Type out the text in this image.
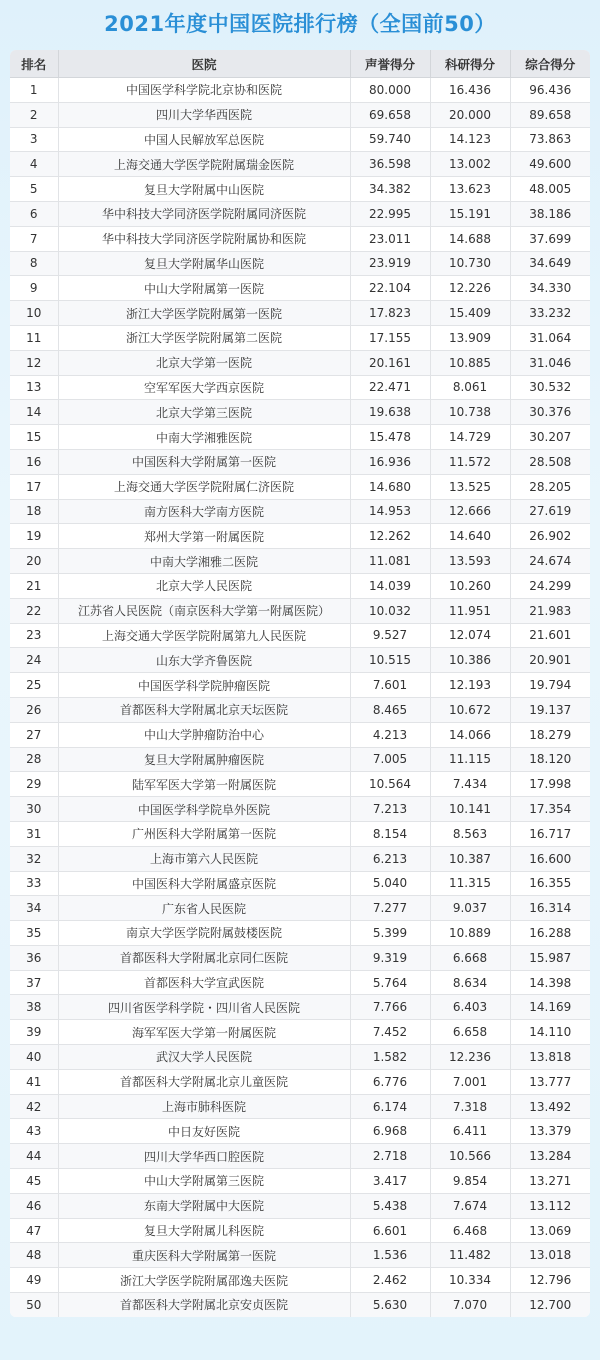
2021年度中国医院排行榜（全国前50）
排名	医院	声誉得分	科研得分	综合得分
1	中国医学科学院北京协和医院	80.000	16.436	96.436
2	四川大学华西医院	69.658	20.000	89.658
3	中国人民解放军总医院	59.740	14.123	73.863
4	上海交通大学医学院附属瑞金医院	36.598	13.002	49.600
5	复旦大学附属中山医院	34.382	13.623	48.005
6	华中科技大学同济医学院附属同济医院	22.995	15.191	38.186
7	华中科技大学同济医学院附属协和医院	23.011	14.688	37.699
8	复旦大学附属华山医院	23.919	10.730	34.649
9	中山大学附属第一医院	22.104	12.226	34.330
10	浙江大学医学院附属第一医院	17.823	15.409	33.232
11	浙江大学医学院附属第二医院	17.155	13.909	31.064
12	北京大学第一医院	20.161	10.885	31.046
13	空军军医大学西京医院	22.471	8.061	30.532
14	北京大学第三医院	19.638	10.738	30.376
15	中南大学湘雅医院	15.478	14.729	30.207
16	中国医科大学附属第一医院	16.936	11.572	28.508
17	上海交通大学医学院附属仁济医院	14.680	13.525	28.205
18	南方医科大学南方医院	14.953	12.666	27.619
19	郑州大学第一附属医院	12.262	14.640	26.902
20	中南大学湘雅二医院	11.081	13.593	24.674
21	北京大学人民医院	14.039	10.260	24.299
22	江苏省人民医院（南京医科大学第一附属医院）	10.032	11.951	21.983
23	上海交通大学医学院附属第九人民医院	9.527	12.074	21.601
24	山东大学齐鲁医院	10.515	10.386	20.901
25	中国医学科学院肿瘤医院	7.601	12.193	19.794
26	首都医科大学附属北京天坛医院	8.465	10.672	19.137
27	中山大学肿瘤防治中心	4.213	14.066	18.279
28	复旦大学附属肿瘤医院	7.005	11.115	18.120
29	陆军军医大学第一附属医院	10.564	7.434	17.998
30	中国医学科学院阜外医院	7.213	10.141	17.354
31	广州医科大学附属第一医院	8.154	8.563	16.717
32	上海市第六人民医院	6.213	10.387	16.600
33	中国医科大学附属盛京医院	5.040	11.315	16.355
34	广东省人民医院	7.277	9.037	16.314
35	南京大学医学院附属鼓楼医院	5.399	10.889	16.288
36	首都医科大学附属北京同仁医院	9.319	6.668	15.987
37	首都医科大学宣武医院	5.764	8.634	14.398
38	四川省医学科学院・四川省人民医院	7.766	6.403	14.169
39	海军军医大学第一附属医院	7.452	6.658	14.110
40	武汉大学人民医院	1.582	12.236	13.818
41	首都医科大学附属北京儿童医院	6.776	7.001	13.777
42	上海市肺科医院	6.174	7.318	13.492
43	中日友好医院	6.968	6.411	13.379
44	四川大学华西口腔医院	2.718	10.566	13.284
45	中山大学附属第三医院	3.417	9.854	13.271
46	东南大学附属中大医院	5.438	7.674	13.112
47	复旦大学附属儿科医院	6.601	6.468	13.069
48	重庆医科大学附属第一医院	1.536	11.482	13.018
49	浙江大学医学院附属邵逸夫医院	2.462	10.334	12.796
50	首都医科大学附属北京安贞医院	5.630	7.070	12.700
